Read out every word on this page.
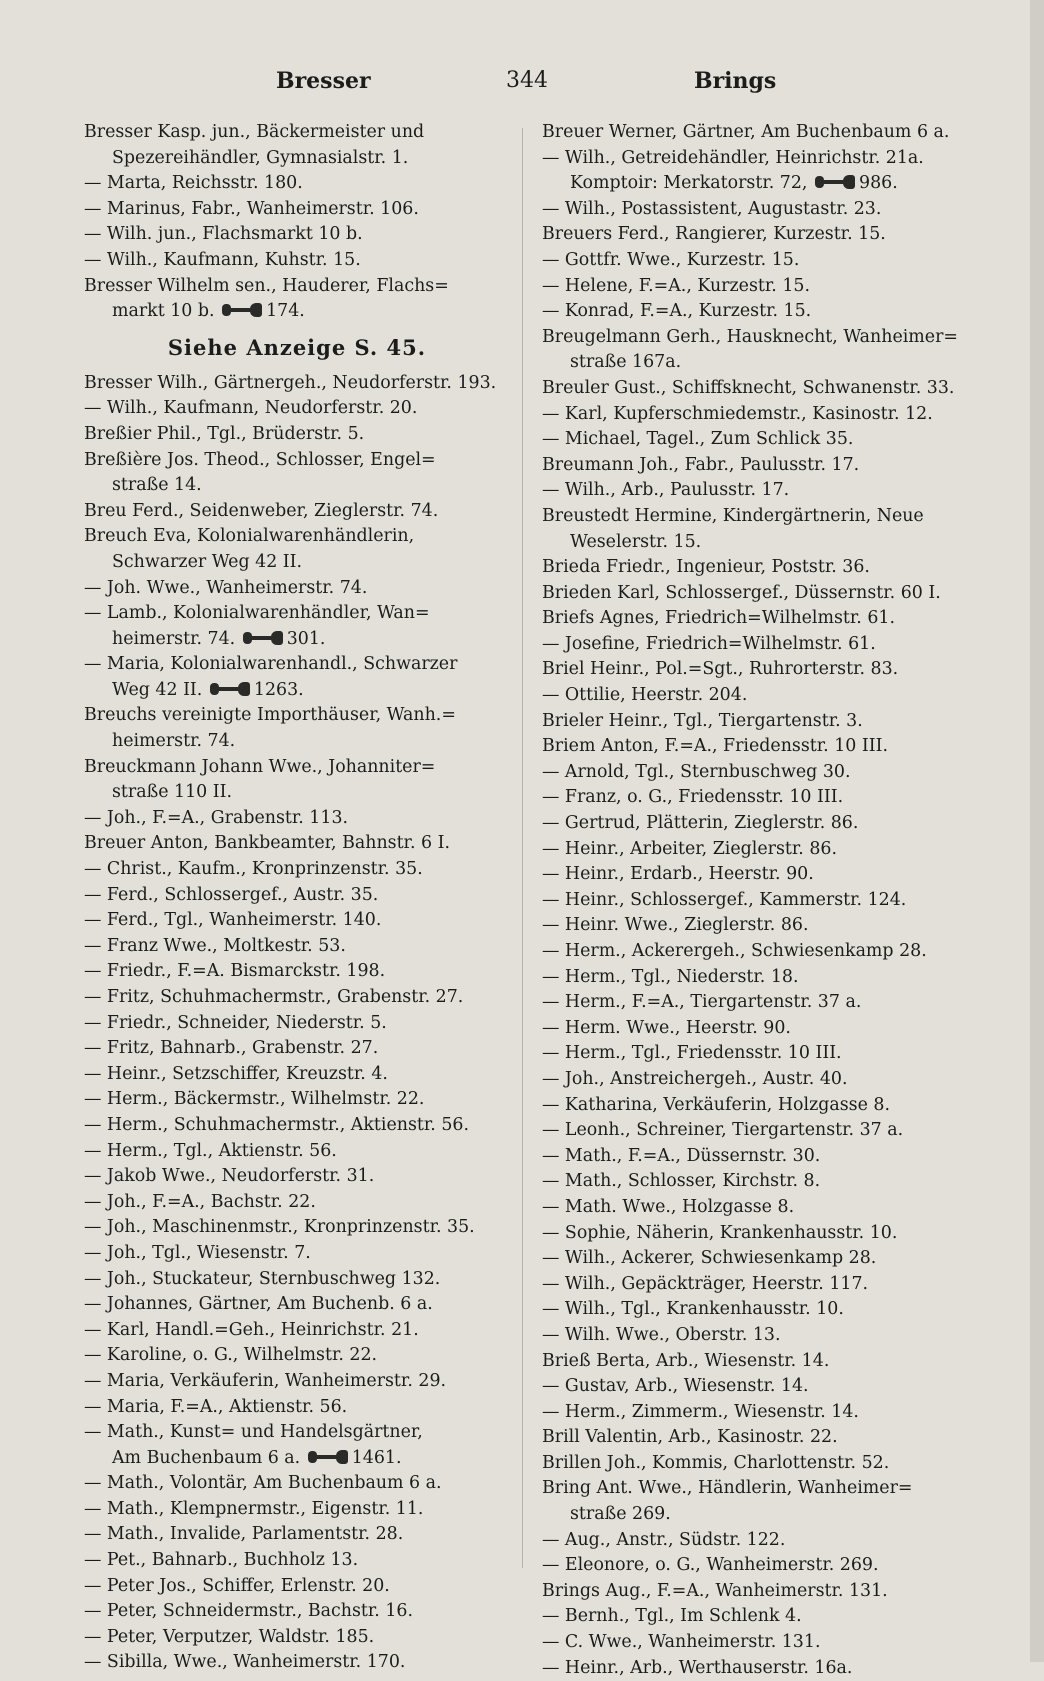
Bresser	344	Brings
Bresser Kasp. jun., Bäckermeister und
Spezereihändler, Gymnasialstr. 1.
— Marta, Reichsstr. 180.
— Marinus, Fabr., Wanheimerstr. 106.
— Wilh. jun., Flachsmarkt 10 b.
— Wilh., Kaufmann, Kuhstr. 15.
Bresser Wilhelm sen., Hauderer, Flachs=
markt 10 b.	174.
Siehe Anzeige S. 45.
Bresser Wilh., Gärtnergeh., Neudorferstr. 193.
— Wilh., Kaufmann, Neudorferstr. 20.
Breßier Phil., Tgl., Brüderstr. 5.
Breßière Jos. Theod., Schlosser, Engel=
straße 14.
Breu Ferd., Seidenweber, Zieglerstr. 74.
Breuch Eva, Kolonialwarenhändlerin,
Schwarzer Weg 42 II.
— Joh. Wwe., Wanheimerstr. 74.
— Lamb., Kolonialwarenhändler, Wan=
heimerstr. 74.	301.
— Maria, Kolonialwarenhandl., Schwarzer
Weg 42 II.	1263.
Breuchs vereinigte Importhäuser, Wanh.=
heimerstr. 74.
Breuckmann Johann Wwe., Johanniter=
straße 110 II.
— Joh., F.=A., Grabenstr. 113.
Breuer Anton, Bankbeamter, Bahnstr. 6 I.
— Christ., Kaufm., Kronprinzenstr. 35.
— Ferd., Schlossergef., Austr. 35.
— Ferd., Tgl., Wanheimerstr. 140.
— Franz Wwe., Moltkestr. 53.
— Friedr., F.=A. Bismarckstr. 198.
— Fritz, Schuhmachermstr., Grabenstr. 27.
— Friedr., Schneider, Niederstr. 5.
— Fritz, Bahnarb., Grabenstr. 27.
— Heinr., Setzschiffer, Kreuzstr. 4.
— Herm., Bäckermstr., Wilhelmstr. 22.
— Herm., Schuhmachermstr., Aktienstr. 56.
— Herm., Tgl., Aktienstr. 56.
— Jakob Wwe., Neudorferstr. 31.
— Joh., F.=A., Bachstr. 22.
— Joh., Maschinenmstr., Kronprinzenstr. 35.
— Joh., Tgl., Wiesenstr. 7.
— Joh., Stuckateur, Sternbuschweg 132.
— Johannes, Gärtner, Am Buchenb. 6 a.
— Karl, Handl.=Geh., Heinrichstr. 21.
— Karoline, o. G., Wilhelmstr. 22.
— Maria, Verkäuferin, Wanheimerstr. 29.
— Maria, F.=A., Aktienstr. 56.
— Math., Kunst= und Handelsgärtner,
Am Buchenbaum 6 a.	1461.
— Math., Volontär, Am Buchenbaum 6 a.
— Math., Klempnermstr., Eigenstr. 11.
— Math., Invalide, Parlamentstr. 28.
— Pet., Bahnarb., Buchholz 13.
— Peter Jos., Schiffer, Erlenstr. 20.
— Peter, Schneidermstr., Bachstr. 16.
— Peter, Verputzer, Waldstr. 185.
— Sibilla, Wwe., Wanheimerstr. 170.
Breuer Werner, Gärtner, Am Buchenbaum 6 a.
— Wilh., Getreidehändler, Heinrichstr. 21a.
Komptoir: Merkatorstr. 72,	986.
— Wilh., Postassistent, Augustastr. 23.
Breuers Ferd., Rangierer, Kurzestr. 15.
— Gottfr. Wwe., Kurzestr. 15.
— Helene, F.=A., Kurzestr. 15.
— Konrad, F.=A., Kurzestr. 15.
Breugelmann Gerh., Hausknecht, Wanheimer=
straße 167a.
Breuler Gust., Schiffsknecht, Schwanenstr. 33.
— Karl, Kupferschmiedemstr., Kasinostr. 12.
— Michael, Tagel., Zum Schlick 35.
Breumann Joh., Fabr., Paulusstr. 17.
— Wilh., Arb., Paulusstr. 17.
Breustedt Hermine, Kindergärtnerin, Neue
Weselerstr. 15.
Brieda Friedr., Ingenieur, Poststr. 36.
Brieden Karl, Schlossergef., Düssernstr. 60 I.
Briefs Agnes, Friedrich=Wilhelmstr. 61.
— Josefine, Friedrich=Wilhelmstr. 61.
Briel Heinr., Pol.=Sgt., Ruhrorterstr. 83.
— Ottilie, Heerstr. 204.
Brieler Heinr., Tgl., Tiergartenstr. 3.
Briem Anton, F.=A., Friedensstr. 10 III.
— Arnold, Tgl., Sternbuschweg 30.
— Franz, o. G., Friedensstr. 10 III.
— Gertrud, Plätterin, Zieglerstr. 86.
— Heinr., Arbeiter, Zieglerstr. 86.
— Heinr., Erdarb., Heerstr. 90.
— Heinr., Schlossergef., Kammerstr. 124.
— Heinr. Wwe., Zieglerstr. 86.
— Herm., Ackerergeh., Schwiesenkamp 28.
— Herm., Tgl., Niederstr. 18.
— Herm., F.=A., Tiergartenstr. 37 a.
— Herm. Wwe., Heerstr. 90.
— Herm., Tgl., Friedensstr. 10 III.
— Joh., Anstreichergeh., Austr. 40.
— Katharina, Verkäuferin, Holzgasse 8.
— Leonh., Schreiner, Tiergartenstr. 37 a.
— Math., F.=A., Düssernstr. 30.
— Math., Schlosser, Kirchstr. 8.
— Math. Wwe., Holzgasse 8.
— Sophie, Näherin, Krankenhausstr. 10.
— Wilh., Ackerer, Schwiesenkamp 28.
— Wilh., Gepäckträger, Heerstr. 117.
— Wilh., Tgl., Krankenhausstr. 10.
— Wilh. Wwe., Oberstr. 13.
Brieß Berta, Arb., Wiesenstr. 14.
— Gustav, Arb., Wiesenstr. 14.
— Herm., Zimmerm., Wiesenstr. 14.
Brill Valentin, Arb., Kasinostr. 22.
Brillen Joh., Kommis, Charlottenstr. 52.
Bring Ant. Wwe., Händlerin, Wanheimer=
straße 269.
— Aug., Anstr., Südstr. 122.
— Eleonore, o. G., Wanheimerstr. 269.
Brings Aug., F.=A., Wanheimerstr. 131.
— Bernh., Tgl., Im Schlenk 4.
— C. Wwe., Wanheimerstr. 131.
— Heinr., Arb., Werthauserstr. 16a.
